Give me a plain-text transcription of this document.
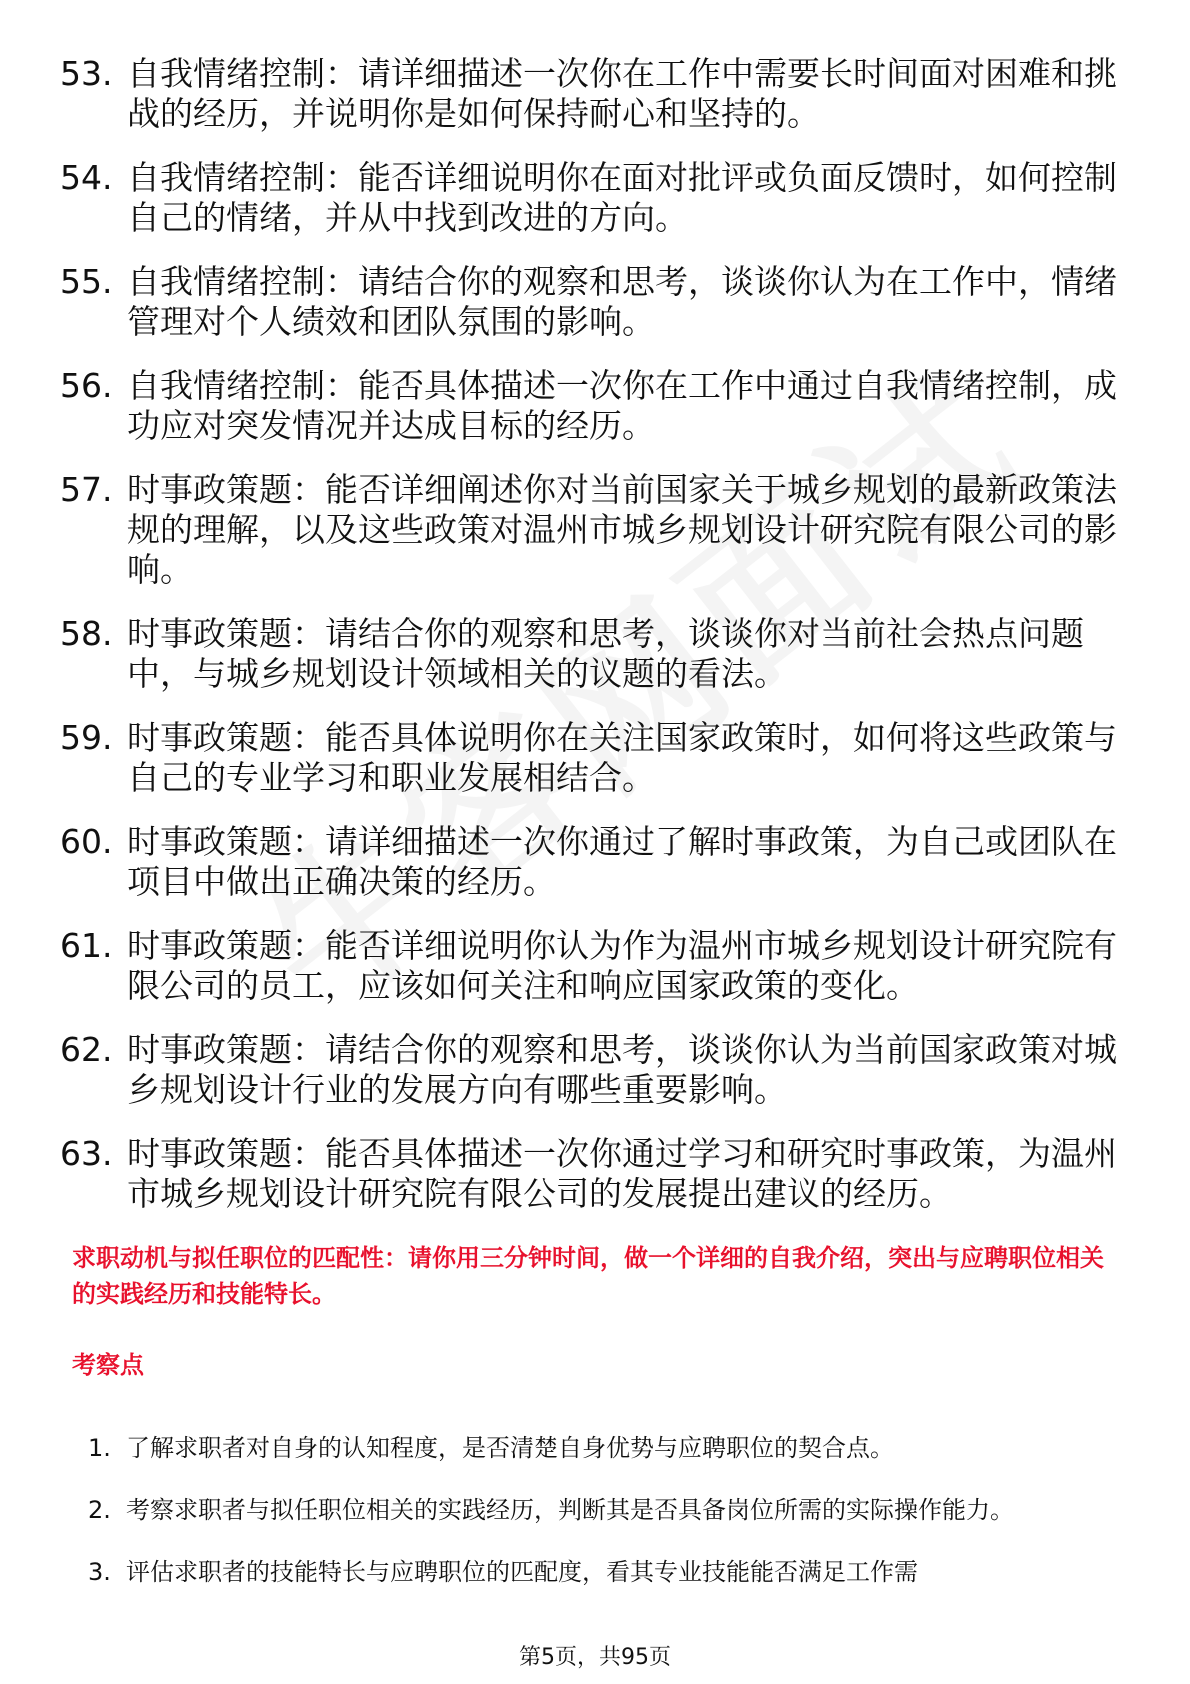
53. 自我情绪控制：请详细描述一次你在工作中需要长时间面对困难和挑战的经历，并说明你是如何保持耐心和坚持的。
54. 自我情绪控制：能否详细说明你在面对批评或负面反馈时，如何控制自己的情绪，并从中找到改进的方向。
55. 自我情绪控制：请结合你的观察和思考，谈谈你认为在工作中，情绪管理对个人绩效和团队氛围的影响。
56. 自我情绪控制：能否具体描述一次你在工作中通过自我情绪控制，成功应对突发情况并达成目标的经历。
57. 时事政策题：能否详细阐述你对当前国家关于城乡规划的最新政策法规的理解，以及这些政策对温州市城乡规划设计研究院有限公司的影响。
58. 时事政策题：请结合你的观察和思考，谈谈你对当前社会热点问题中，与城乡规划设计领域相关的议题的看法。
59. 时事政策题：能否具体说明你在关注国家政策时，如何将这些政策与自己的专业学习和职业发展相结合。
60. 时事政策题：请详细描述一次你通过了解时事政策，为自己或团队在项目中做出正确决策的经历。
61. 时事政策题：能否详细说明你认为作为温州市城乡规划设计研究院有限公司的员工，应该如何关注和响应国家政策的变化。
62. 时事政策题：请结合你的观察和思考，谈谈你认为当前国家政策对城乡规划设计行业的发展方向有哪些重要影响。
63. 时事政策题：能否具体描述一次你通过学习和研究时事政策，为温州市城乡规划设计研究院有限公司的发展提出建议的经历。
求职动机与拟任职位的匹配性：请你用三分钟时间，做一个详细的自我介绍，突出与应聘职位相关的实践经历和技能特长。
考察点
1. 了解求职者对自身的认知程度，是否清楚自身优势与应聘职位的契合点。
2. 考察求职者与拟任职位相关的实践经历，判断其是否具备岗位所需的实际操作能力。
3. 评估求职者的技能特长与应聘职位的匹配度，看其专业技能能否满足工作需
第5页，共95页
